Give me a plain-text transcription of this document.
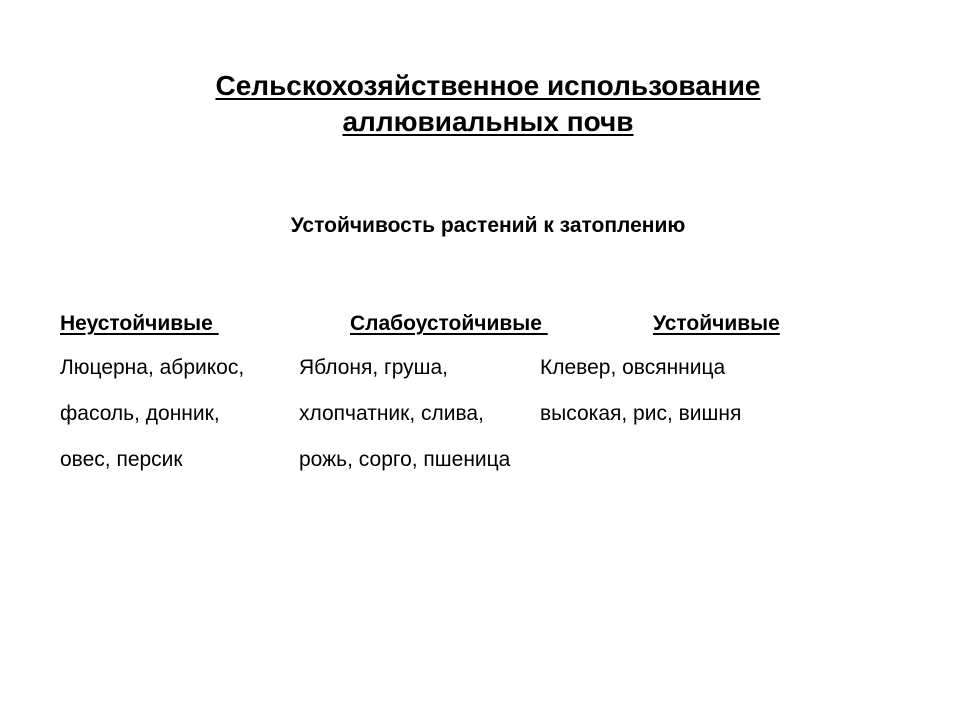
Сельскохозяйственное использование
аллювиальных почв
Устойчивость растений к затоплению
Неустойчивые	Слабоустойчивые	Устойчивые
Люцерна, абрикос,	Яблоня, груша,	Клевер, овсянница
фасоль, донник,	хлопчатник, слива,	высокая, рис, вишня
овес, персик	рожь, сорго, пшеница
